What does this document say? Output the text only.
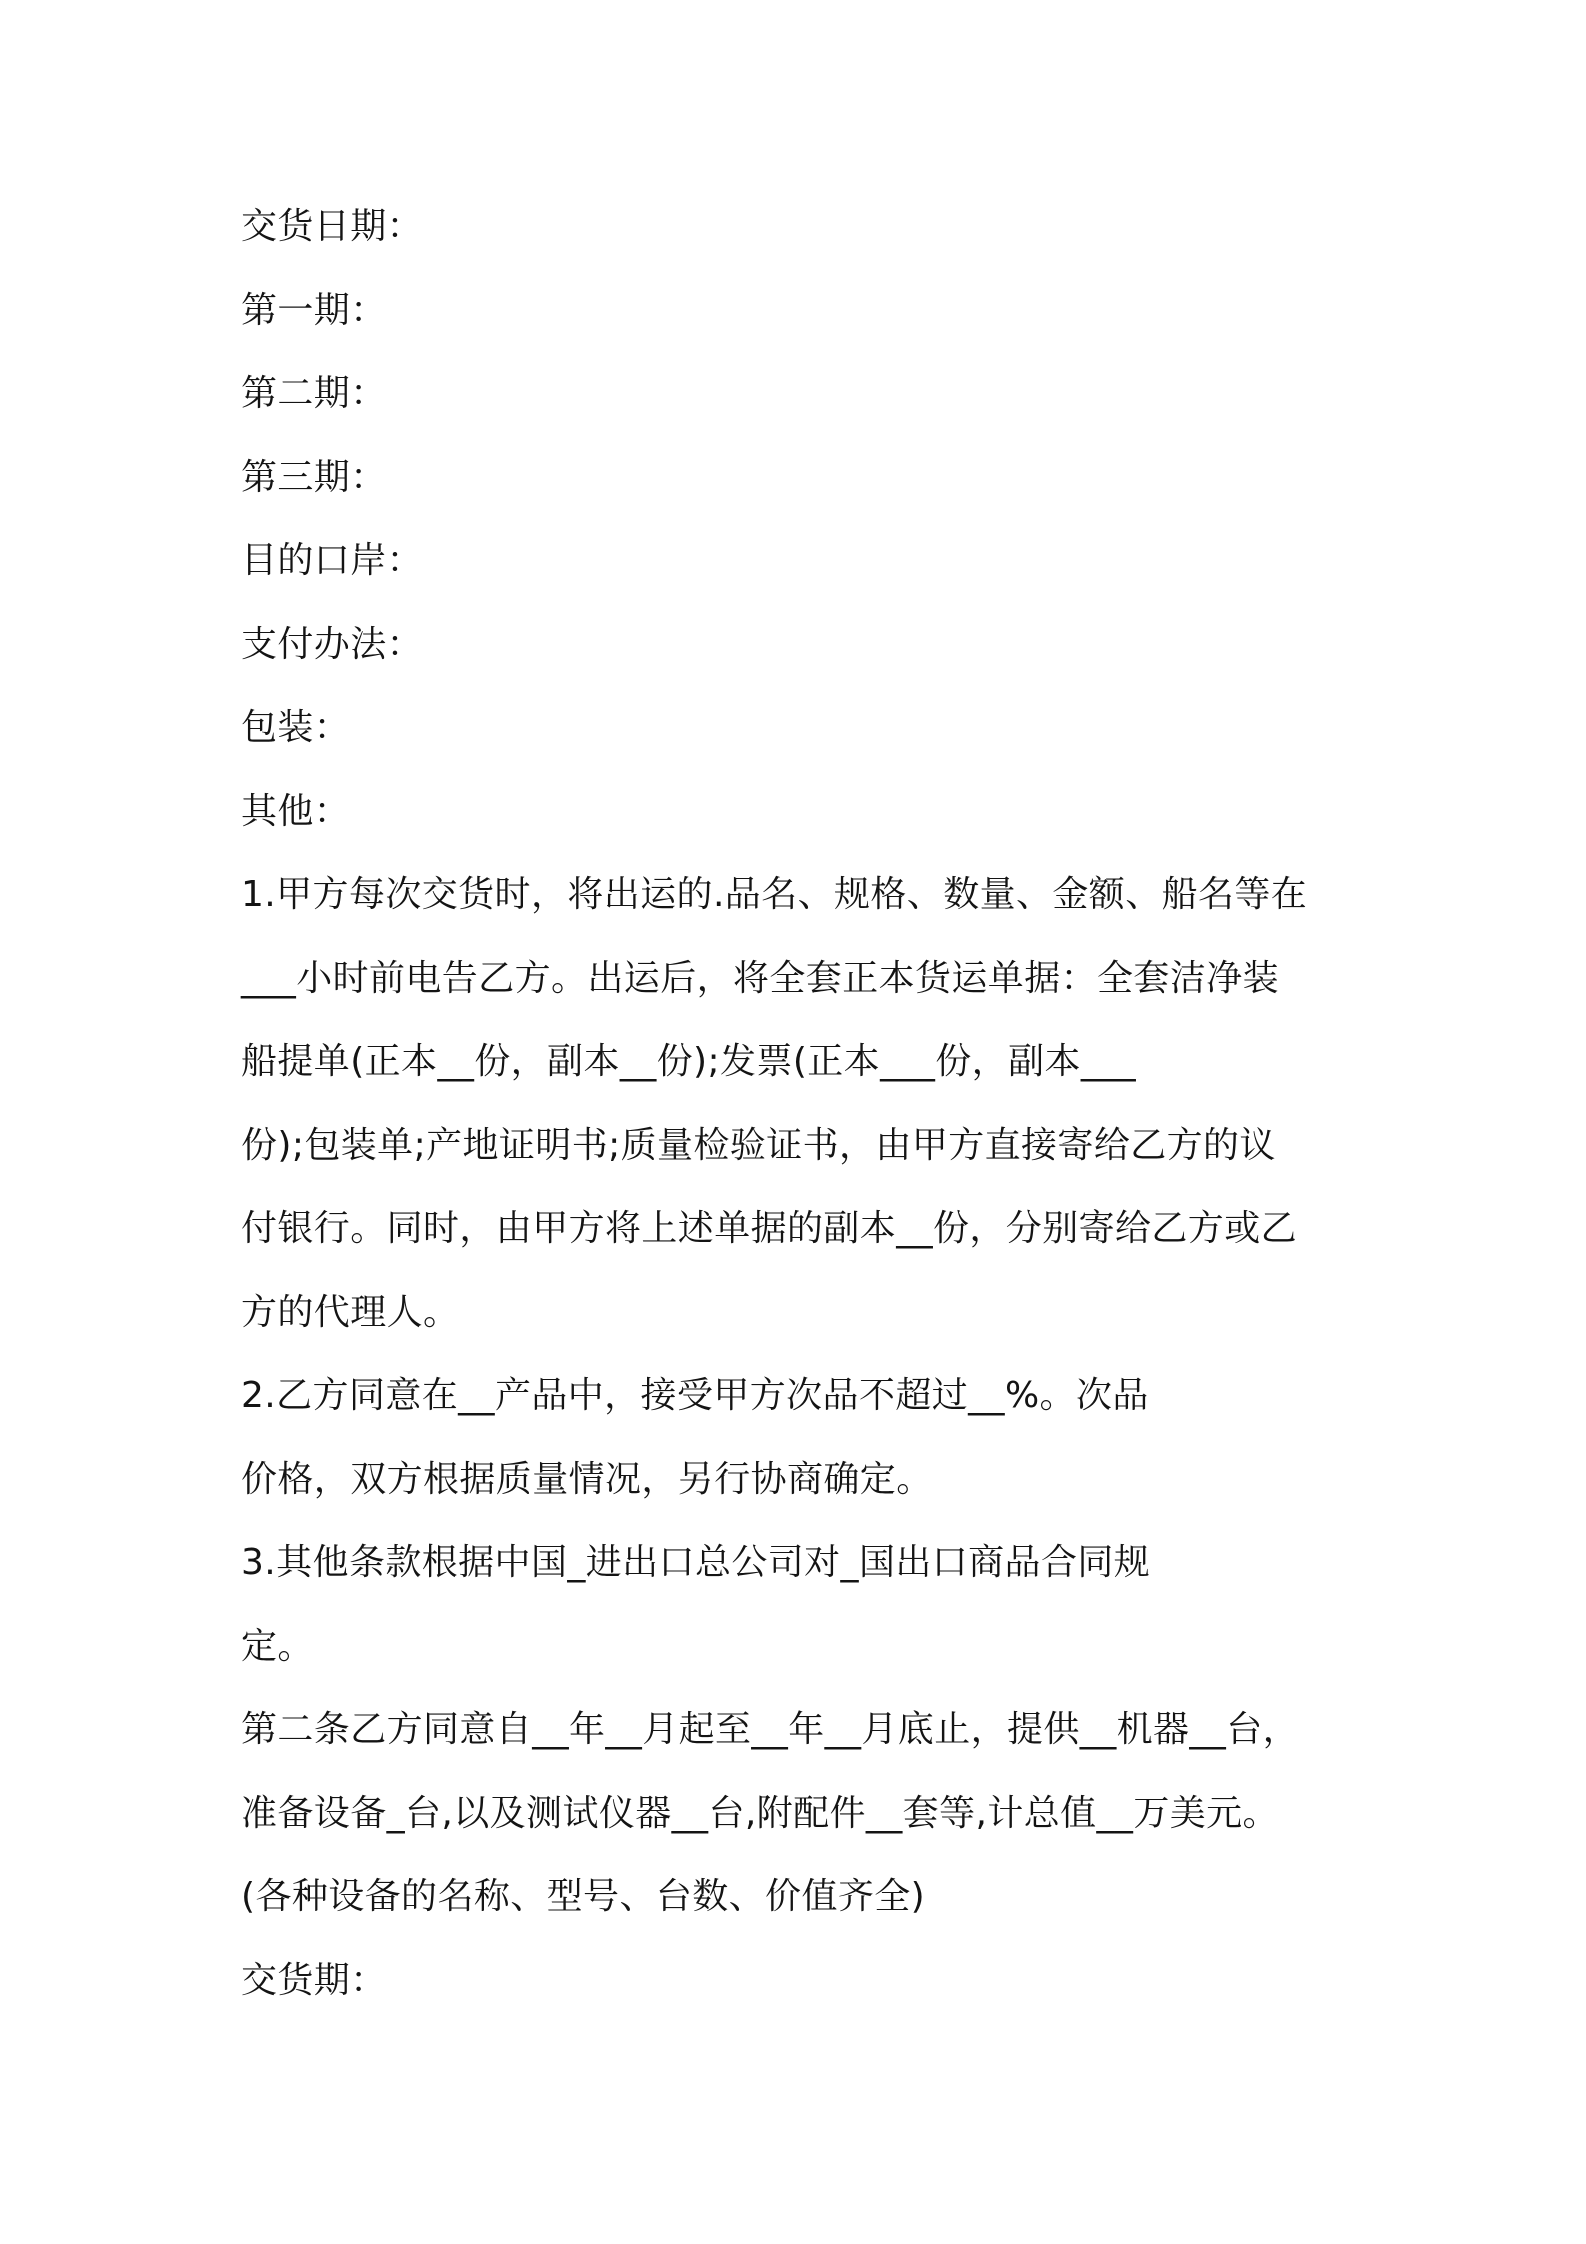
交货日期：
第一期：
第二期：
第三期：
目的口岸：
支付办法：
包装：
其他：
1.甲方每次交货时，将出运的.品名、规格、数量、金额、船名等在
___小时前电告乙方。出运后，将全套正本货运单据：全套洁净装
船提单(正本__份，副本__份);发票(正本___份，副本___
份);包装单;产地证明书;质量检验证书，由甲方直接寄给乙方的议
付银行。同时，由甲方将上述单据的副本__份，分别寄给乙方或乙
方的代理人。
2.乙方同意在__产品中，接受甲方次品不超过__%。次品
价格，双方根据质量情况，另行协商确定。
3.其他条款根据中国_进出口总公司对_国出口商品合同规
定。
第二条乙方同意自__年__月起至__年__月底止，提供__机器__台，
准备设备_台,以及测试仪器__台,附配件__套等,计总值__万美元。
(各种设备的名称、型号、台数、价值齐全)
交货期：
